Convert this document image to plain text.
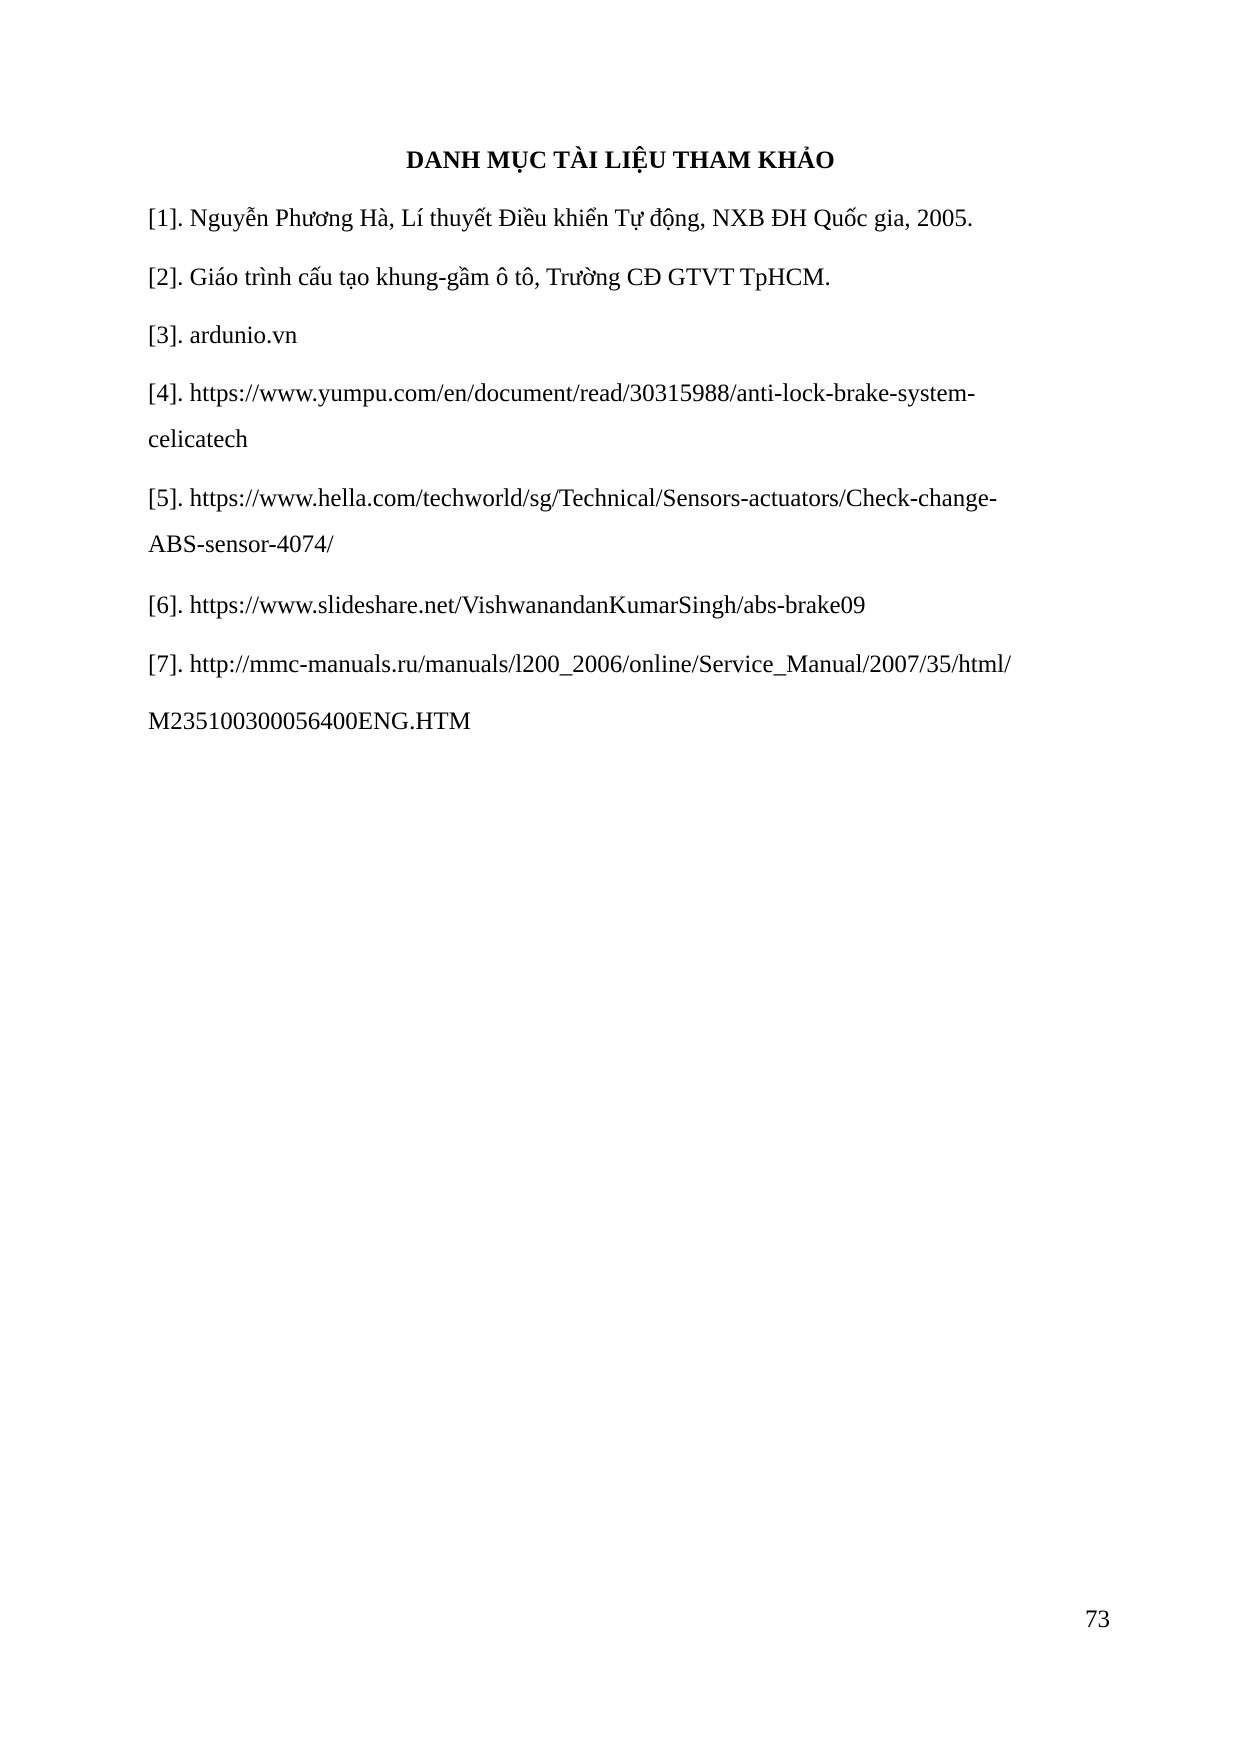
DANH MỤC TÀI LIỆU THAM KHẢO
[1]. Nguyễn Phương Hà, Lí thuyết Điều khiển Tự động, NXB ĐH Quốc gia, 2005.
[2]. Giáo trình cấu tạo khung-gầm ô tô, Trường CĐ GTVT TpHCM.
[3]. ardunio.vn
[4]. https://www.yumpu.com/en/document/read/30315988/anti-lock-brake-system-
celicatech
[5]. https://www.hella.com/techworld/sg/Technical/Sensors-actuators/Check-change-
ABS-sensor-4074/
[6]. https://www.slideshare.net/VishwanandanKumarSingh/abs-brake09
[7]. http://mmc-manuals.ru/manuals/l200_2006/online/Service_Manual/2007/35/html/
M235100300056400ENG.HTM
73
